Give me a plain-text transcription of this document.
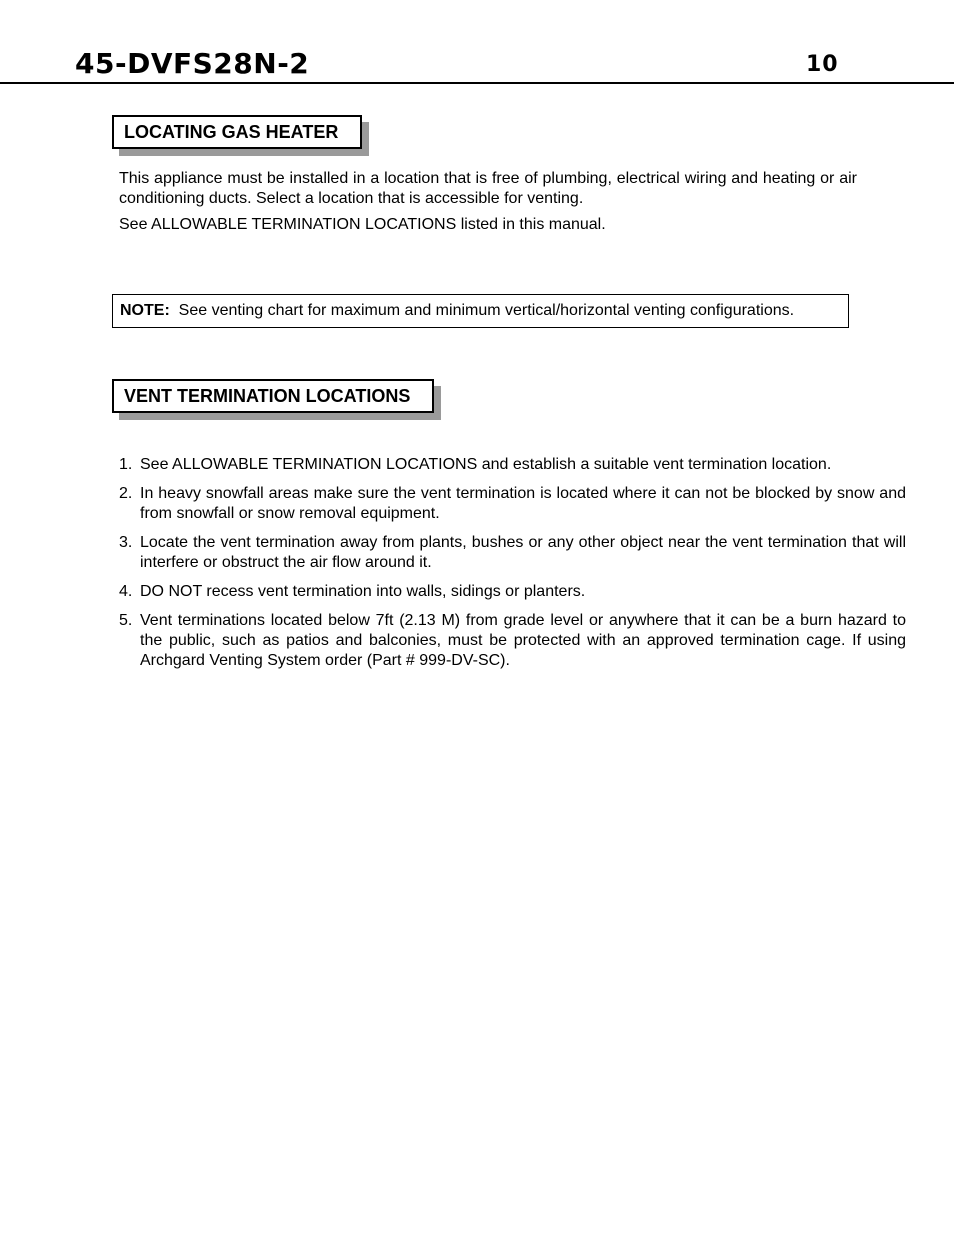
45-DVFS28N-2	10
LOCATING GAS HEATER

This appliance must be installed in a location that is free of plumbing, electrical wiring and heating or air conditioning ducts. Select a location that is accessible for venting.

See ALLOWABLE TERMINATION LOCATIONS listed in this manual.

NOTE: See venting chart for maximum and minimum vertical/horizontal venting configurations.
VENT TERMINATION LOCATIONS
1. See ALLOWABLE TERMINATION LOCATIONS and establish a suitable vent termination location.
2. In heavy snowfall areas make sure the vent termination is located where it can not be blocked by snow and from snowfall or snow removal equipment.
3. Locate the vent termination away from plants, bushes or any other object near the vent termination that will interfere or obstruct the air flow around it.
4. DO NOT recess vent termination into walls, sidings or planters.
5. Vent terminations located below 7ft (2.13 M) from grade level or anywhere that it can be a burn hazard to the public, such as patios and balconies, must be protected with an approved termination cage. If using Archgard Venting System order (Part # 999-DV-SC).
